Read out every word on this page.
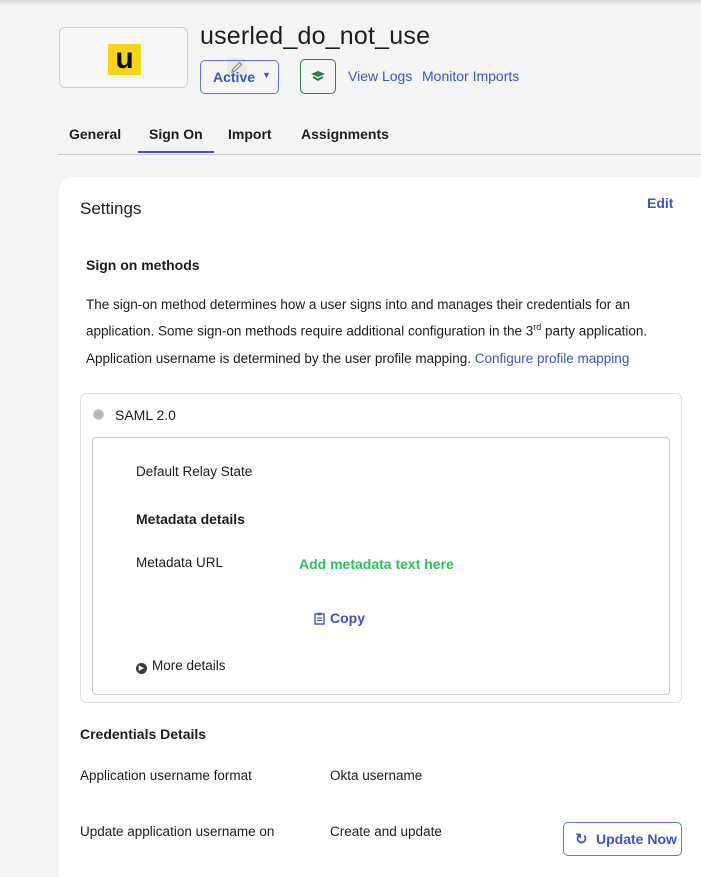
u
userled_do_not_use
Active ▼	View Logs Monitor Imports
General Sign On Import Assignments
Settings	Edit
Sign on methods
The sign-on method determines how a user signs into and manages their credentials for an
application. Some sign-on methods require additional configuration in the 3rd party application.
Application username is determined by the user profile mapping. Configure profile mapping
SAML 2.0
Default Relay State
Metadata details
Metadata URL	Add metadata text here
Copy
▶ More details
Credentials Details
Application username format	Okta username
Update application username on	Create and update	↻ Update Now
